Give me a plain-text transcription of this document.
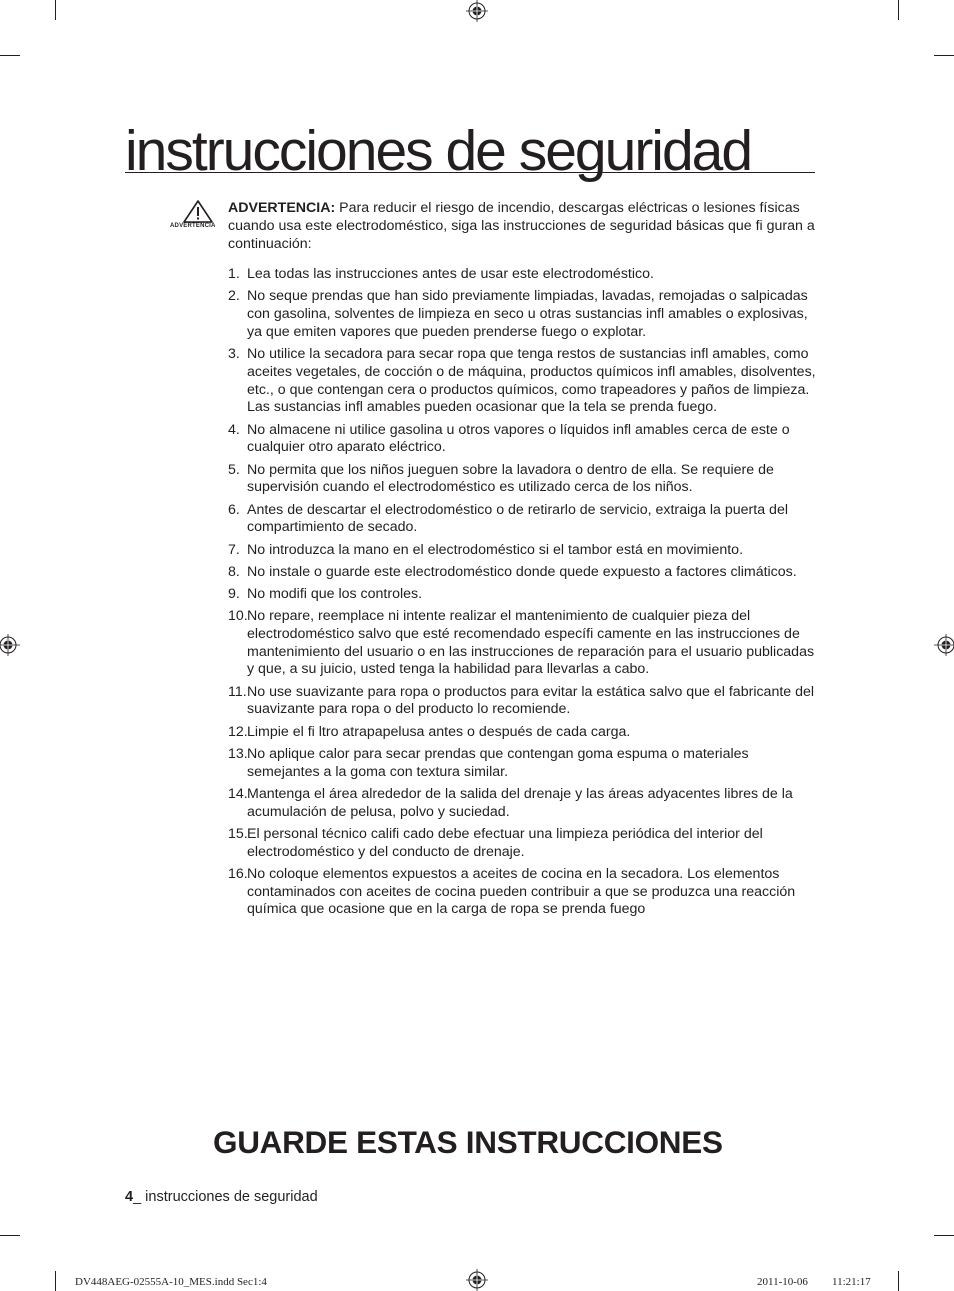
instrucciones de seguridad
ADVERTENCIA
ADVERTENCIA: Para reducir el riesgo de incendio, descargas eléctricas o lesiones físicas cuando usa este electrodoméstico, siga las instrucciones de seguridad básicas que fi guran a continuación:
1. Lea todas las instrucciones antes de usar este electrodoméstico.
2. No seque prendas que han sido previamente limpiadas, lavadas, remojadas o salpicadas con gasolina, solventes de limpieza en seco u otras sustancias infl amables o explosivas, ya que emiten vapores que pueden prenderse fuego o explotar.
3. No utilice la secadora para secar ropa que tenga restos de sustancias infl amables, como aceites vegetales, de cocción o de máquina, productos químicos infl amables, disolventes, etc., o que contengan cera o productos químicos, como trapeadores y paños de limpieza. Las sustancias infl amables pueden ocasionar que la tela se prenda fuego.
4. No almacene ni utilice gasolina u otros vapores o líquidos infl amables cerca de este o cualquier otro aparato eléctrico.
5. No permita que los niños jueguen sobre la lavadora o dentro de ella. Se requiere de supervisión cuando el electrodoméstico es utilizado cerca de los niños.
6. Antes de descartar el electrodoméstico o de retirarlo de servicio, extraiga la puerta del compartimiento de secado.
7. No introduzca la mano en el electrodoméstico si el tambor está en movimiento.
8. No instale o guarde este electrodoméstico donde quede expuesto a factores climáticos.
9. No modifi que los controles.
10. No repare, reemplace ni intente realizar el mantenimiento de cualquier pieza del electrodoméstico salvo que esté recomendado específi camente en las instrucciones de mantenimiento del usuario o en las instrucciones de reparación para el usuario publicadas y que, a su juicio, usted tenga la habilidad para llevarlas a cabo.
11. No use suavizante para ropa o productos para evitar la estática salvo que el fabricante del suavizante para ropa o del producto lo recomiende.
12. Limpie el fi ltro atrapapelusa antes o después de cada carga.
13. No aplique calor para secar prendas que contengan goma espuma o materiales semejantes a la goma con textura similar.
14. Mantenga el área alrededor de la salida del drenaje y las áreas adyacentes libres de la acumulación de pelusa, polvo y suciedad.
15. El personal técnico califi cado debe efectuar una limpieza periódica del interior del electrodoméstico y del conducto de drenaje.
16. No coloque elementos expuestos a aceites de cocina en la secadora. Los elementos contaminados con aceites de cocina pueden contribuir a que se produzca una reacción química que ocasione que en la carga de ropa se prenda fuego
GUARDE ESTAS INSTRUCCIONES
4_ instrucciones de seguridad
DV448AEG-02555A-10_MES.indd Sec1:4	2011-10-06 11:21:17
